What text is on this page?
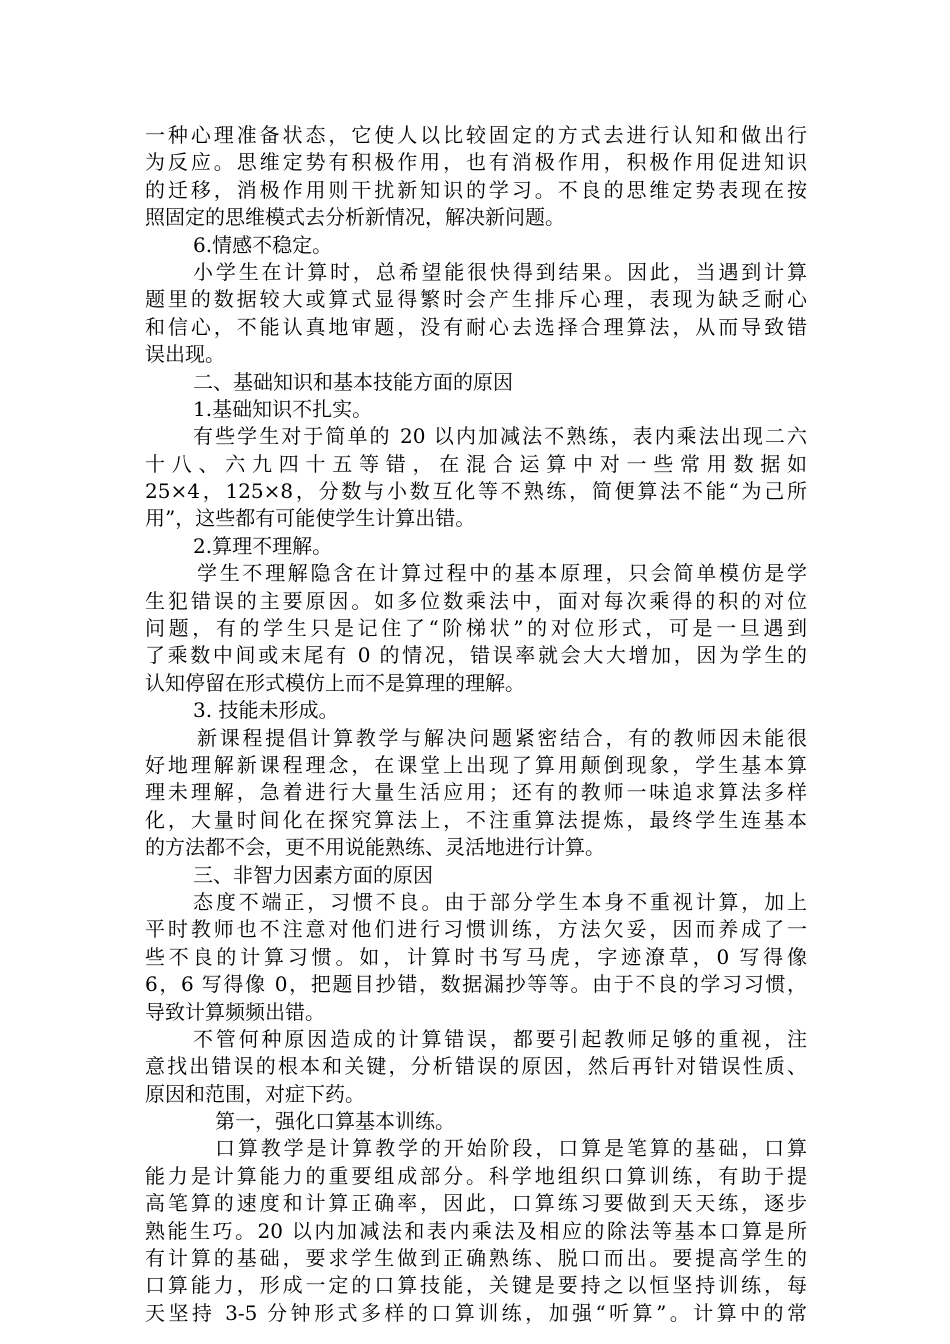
一种心理准备状态，它使人以比较固定的方式去进行认知和做出行
为反应。思维定势有积极作用，也有消极作用，积极作用促进知识
的迁移，消极作用则干扰新知识的学习。不良的思维定势表现在按
照固定的思维模式去分析新情况，解决新问题。
6.情感不稳定。
小学生在计算时，总希望能很快得到结果。因此，当遇到计算
题里的数据较大或算式显得繁时会产生排斥心理，表现为缺乏耐心
和信心，不能认真地审题，没有耐心去选择合理算法，从而导致错
误出现。
二、基础知识和基本技能方面的原因
1.基础知识不扎实。
有些学生对于简单的 20 以内加减法不熟练，表内乘法出现二六
十八、六九四十五等错，在混合运算中对一些常用数据如
25×4，125×8，分数与小数互化等不熟练，简便算法不能“为己所
用”，这些都有可能使学生计算出错。
2.算理不理解。
学生不理解隐含在计算过程中的基本原理，只会简单模仿是学
生犯错误的主要原因。如多位数乘法中，面对每次乘得的积的对位
问题，有的学生只是记住了“阶梯状”的对位形式，可是一旦遇到
了乘数中间或末尾有 0 的情况，错误率就会大大增加，因为学生的
认知停留在形式模仿上而不是算理的理解。
3. 技能未形成。
新课程提倡计算教学与解决问题紧密结合，有的教师因未能很
好地理解新课程理念，在课堂上出现了算用颠倒现象，学生基本算
理未理解，急着进行大量生活应用；还有的教师一味追求算法多样
化，大量时间化在探究算法上，不注重算法提炼，最终学生连基本
的方法都不会，更不用说能熟练、灵活地进行计算。
三、非智力因素方面的原因
态度不端正，习惯不良。由于部分学生本身不重视计算，加上
平时教师也不注意对他们进行习惯训练，方法欠妥，因而养成了一
些不良的计算习惯。如，计算时书写马虎，字迹潦草，0 写得像
6，6 写得像 0，把题目抄错，数据漏抄等等。由于不良的学习习惯，
导致计算频频出错。
不管何种原因造成的计算错误，都要引起教师足够的重视，注
意找出错误的根本和关键，分析错误的原因，然后再针对错误性质、
原因和范围，对症下药。
第一，强化口算基本训练。
口算教学是计算教学的开始阶段，口算是笔算的基础，口算
能力是计算能力的重要组成部分。科学地组织口算训练，有助于提
高笔算的速度和计算正确率，因此，口算练习要做到天天练，逐步
熟能生巧。20 以内加减法和表内乘法及相应的除法等基本口算是所
有计算的基础，要求学生做到正确熟练、脱口而出。要提高学生的
口算能力，形成一定的口算技能，关键是要持之以恒坚持训练，每
天坚持 3-5 分钟形式多样的口算训练，加强“听算”。计算中的常
